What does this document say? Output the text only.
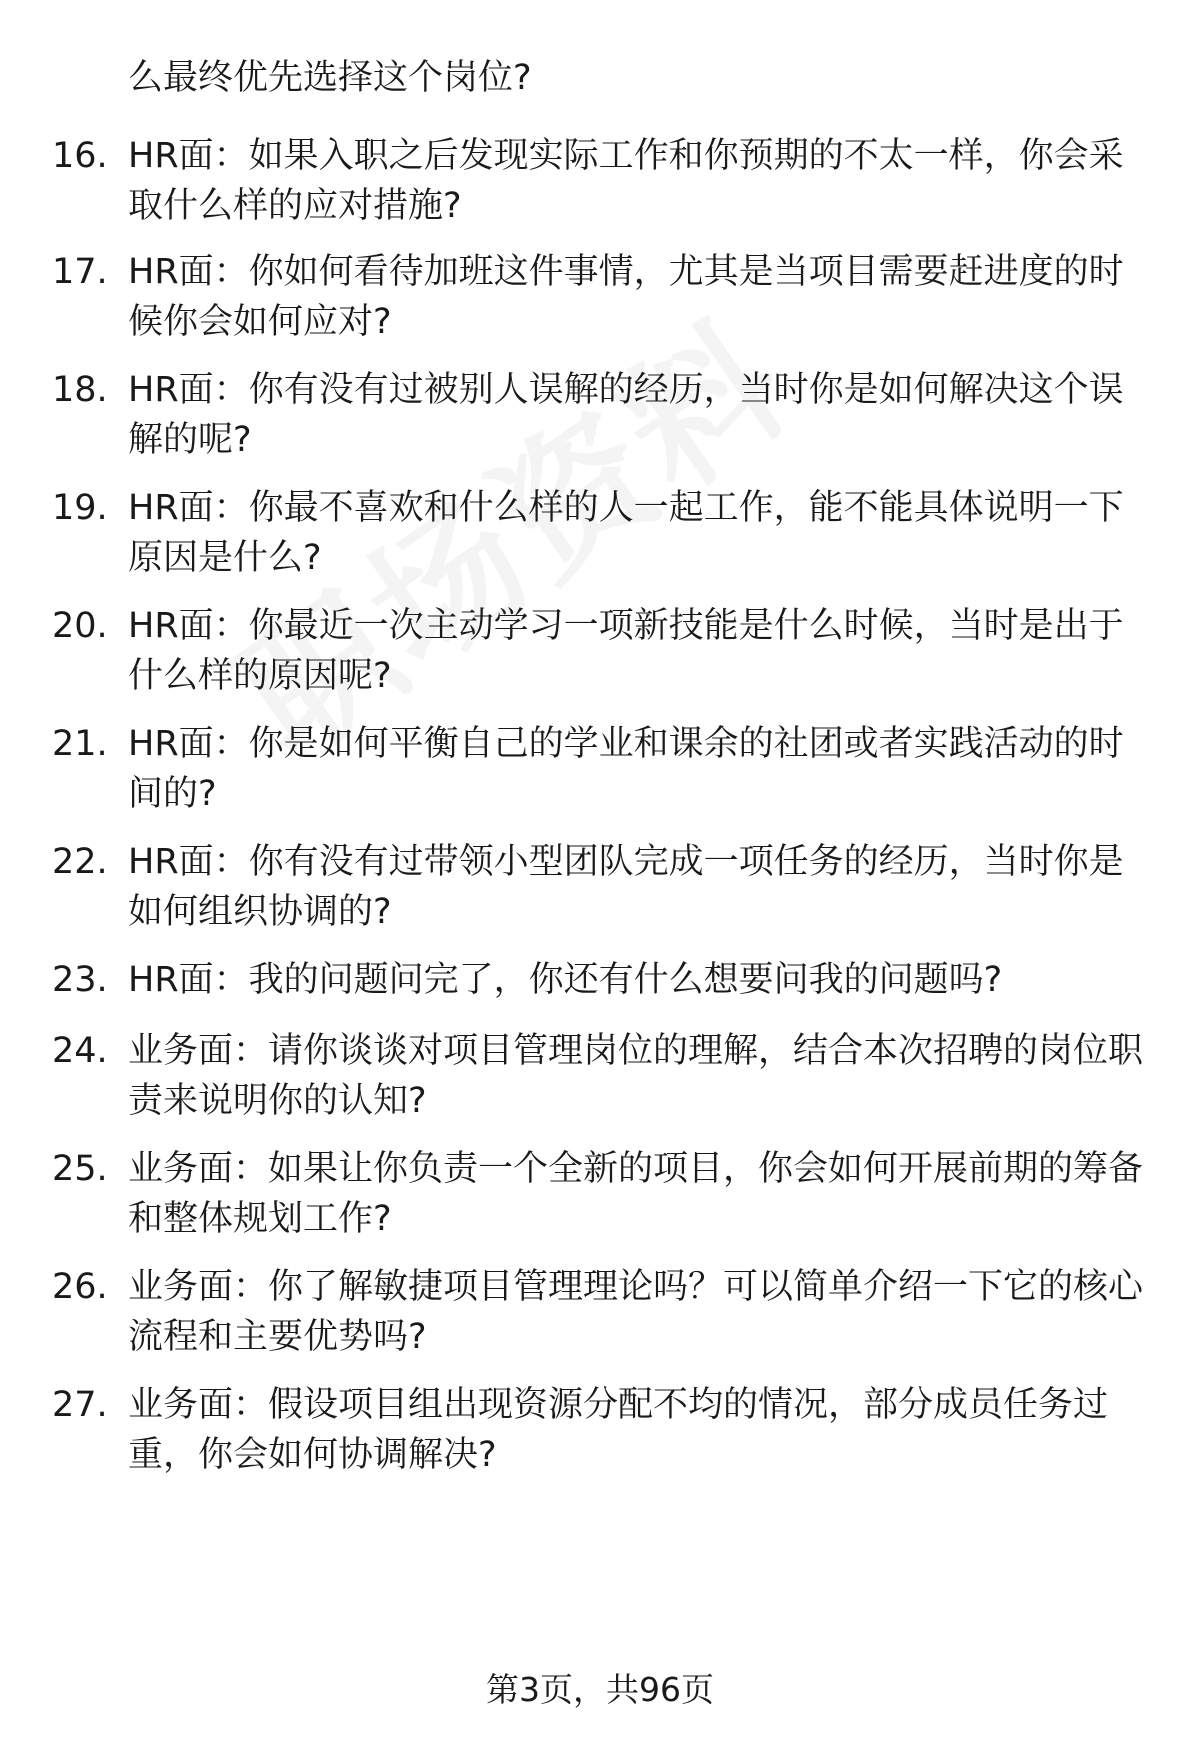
么最终优先选择这个岗位?
16. HR面：如果入职之后发现实际工作和你预期的不太一样，你会采取什么样的应对措施?
17. HR面：你如何看待加班这件事情，尤其是当项目需要赶进度的时候你会如何应对?
18. HR面：你有没有过被别人误解的经历，当时你是如何解决这个误解的呢?
19. HR面：你最不喜欢和什么样的人一起工作，能不能具体说明一下原因是什么?
20. HR面：你最近一次主动学习一项新技能是什么时候，当时是出于什么样的原因呢?
21. HR面：你是如何平衡自己的学业和课余的社团或者实践活动的时间的?
22. HR面：你有没有过带领小型团队完成一项任务的经历，当时你是如何组织协调的?
23. HR面：我的问题问完了，你还有什么想要问我的问题吗?
24. 业务面：请你谈谈对项目管理岗位的理解，结合本次招聘的岗位职责来说明你的认知?
25. 业务面：如果让你负责一个全新的项目，你会如何开展前期的筹备和整体规划工作?
26. 业务面：你了解敏捷项目管理理论吗？可以简单介绍一下它的核心流程和主要优势吗?
27. 业务面：假设项目组出现资源分配不均的情况，部分成员任务过重，你会如何协调解决?
第3页，共96页
